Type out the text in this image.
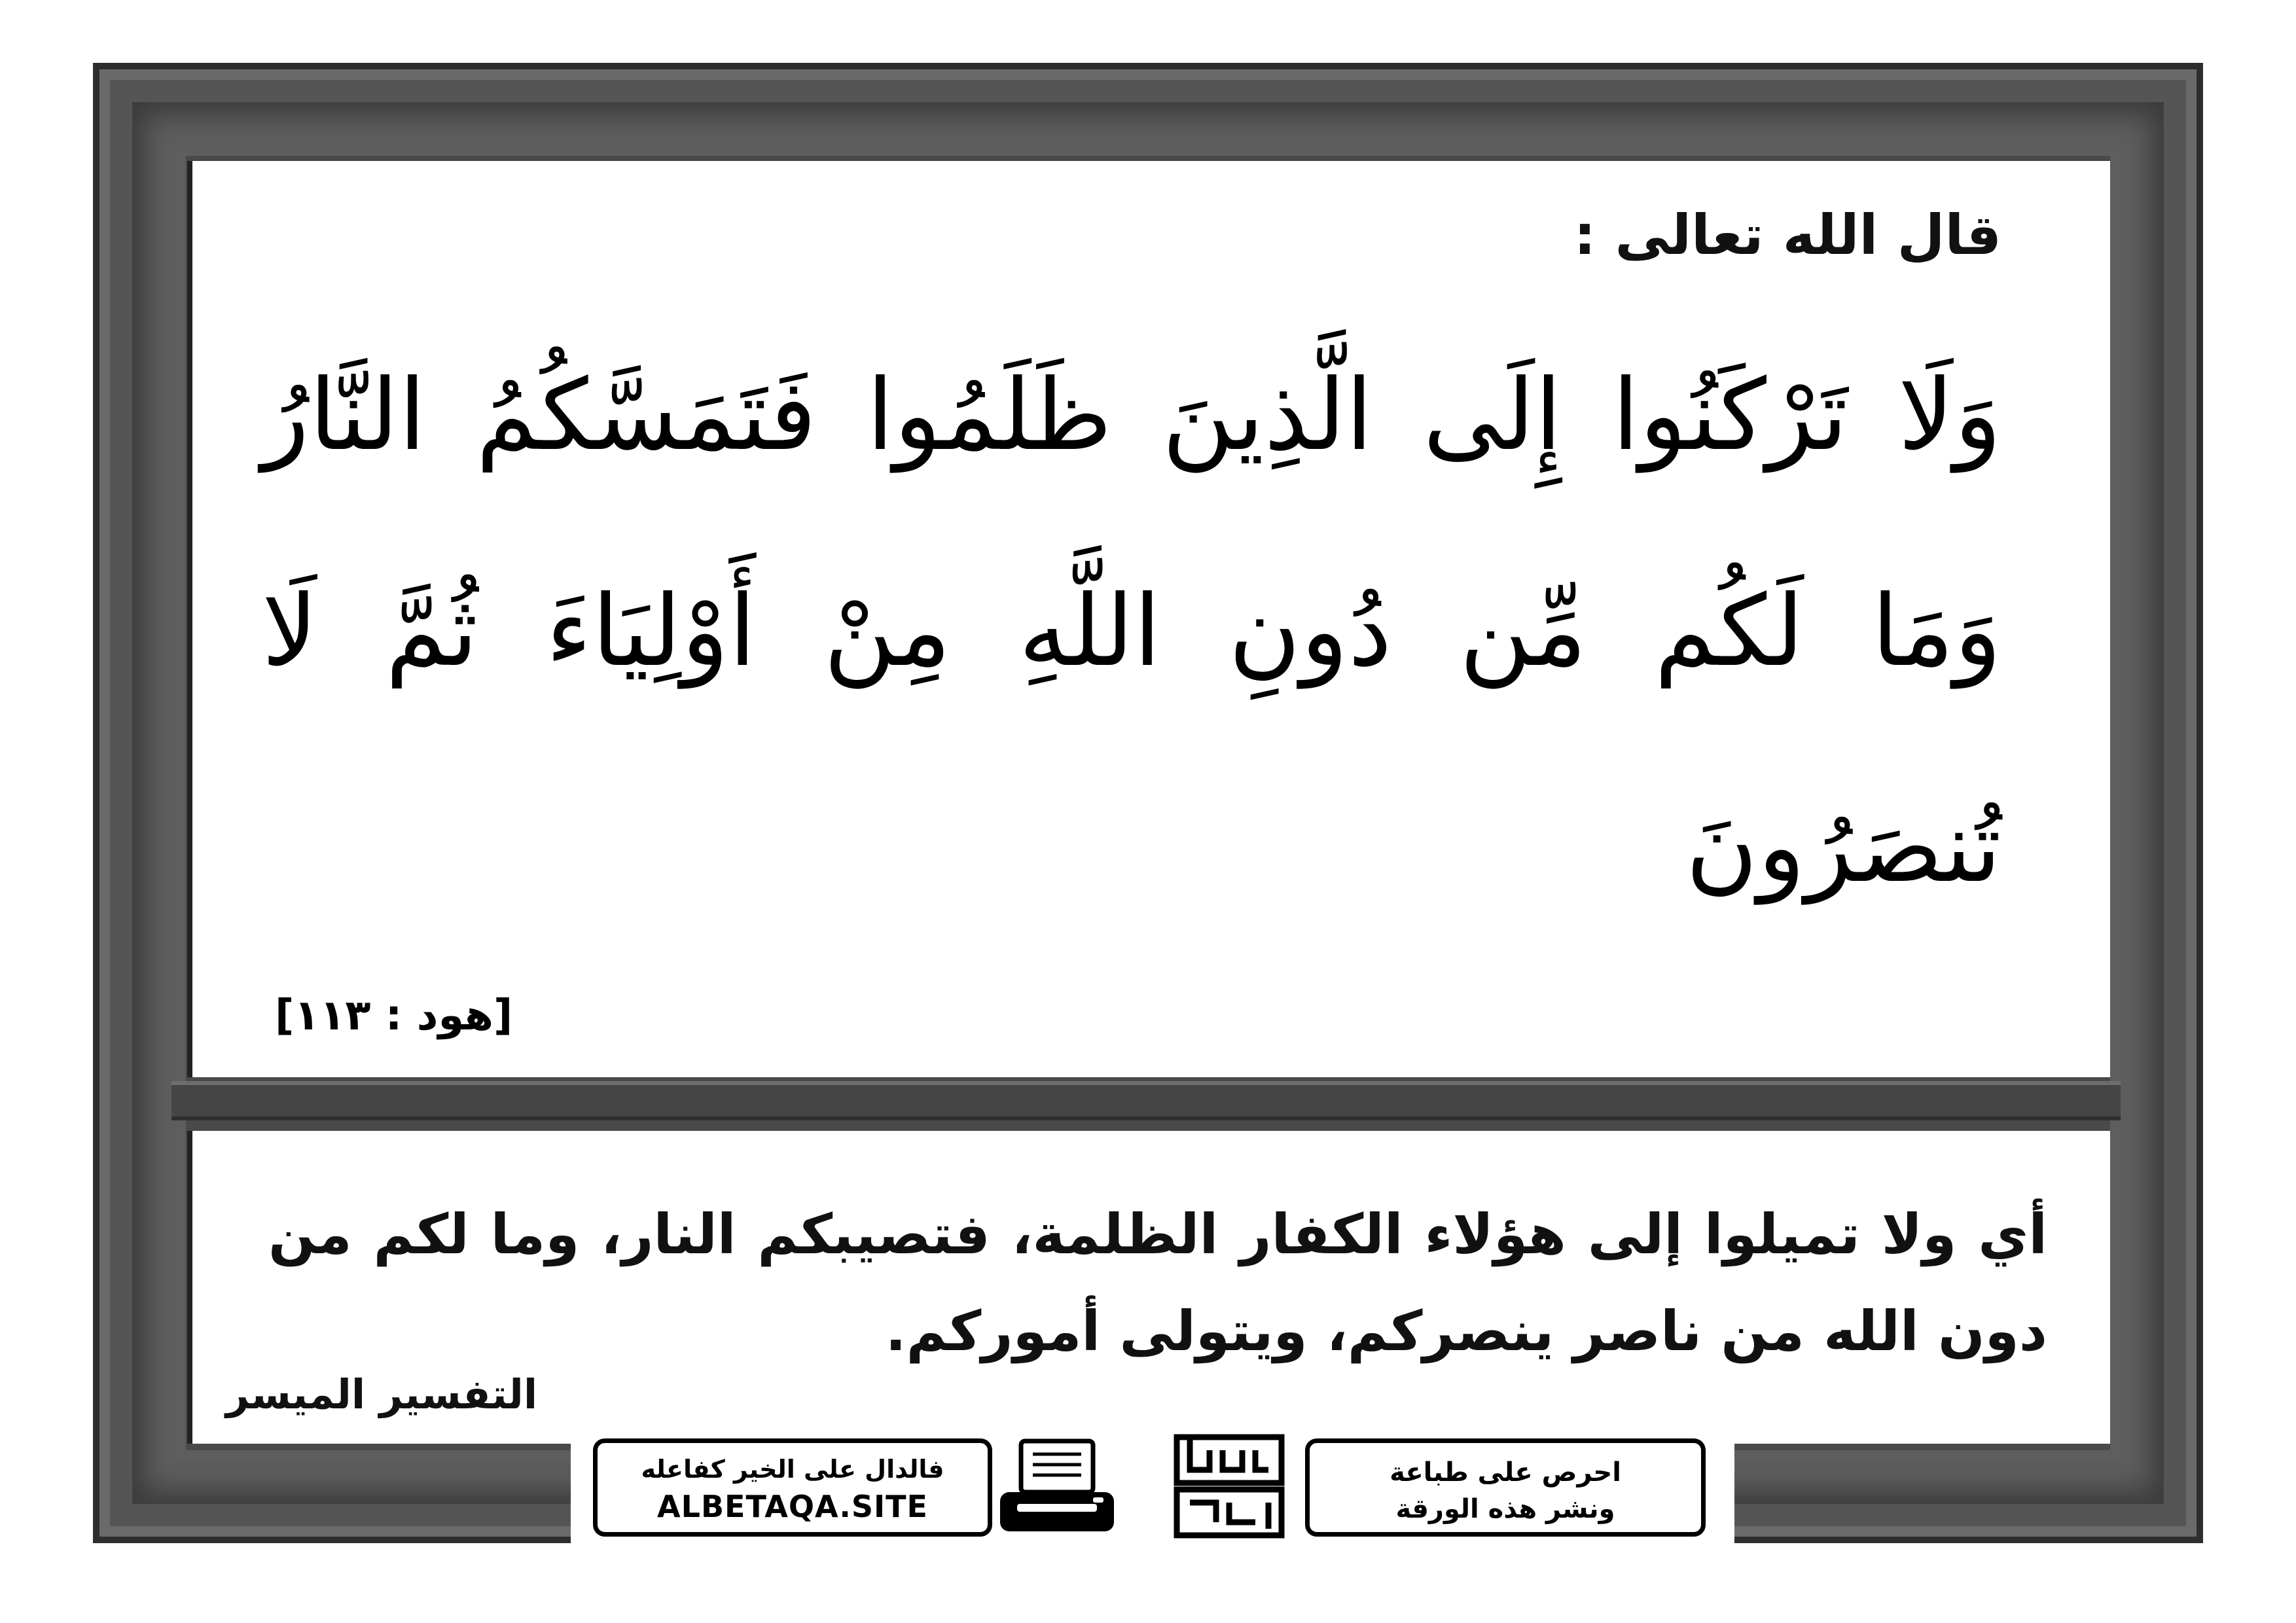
قال الله تعالى :

وَلَا تَرْكَنُوا إِلَى الَّذِينَ ظَلَمُوا فَتَمَسَّكُمُ النَّارُ وَمَا لَكُم مِّن دُونِ اللَّهِ مِنْ أَوْلِيَاءَ ثُمَّ لَا تُنصَرُونَ

[هود : ١١٣]

أي ولا تميلوا إلى هؤلاء الكفار الظلمة، فتصيبكم النار، وما لكم من دون الله من ناصر ينصركم، ويتولى أموركم.

التفسير الميسر
فالدال على الخير كفاعله
ALBETAQA.SITE
احرص على طباعة
ونشر هذه الورقة
